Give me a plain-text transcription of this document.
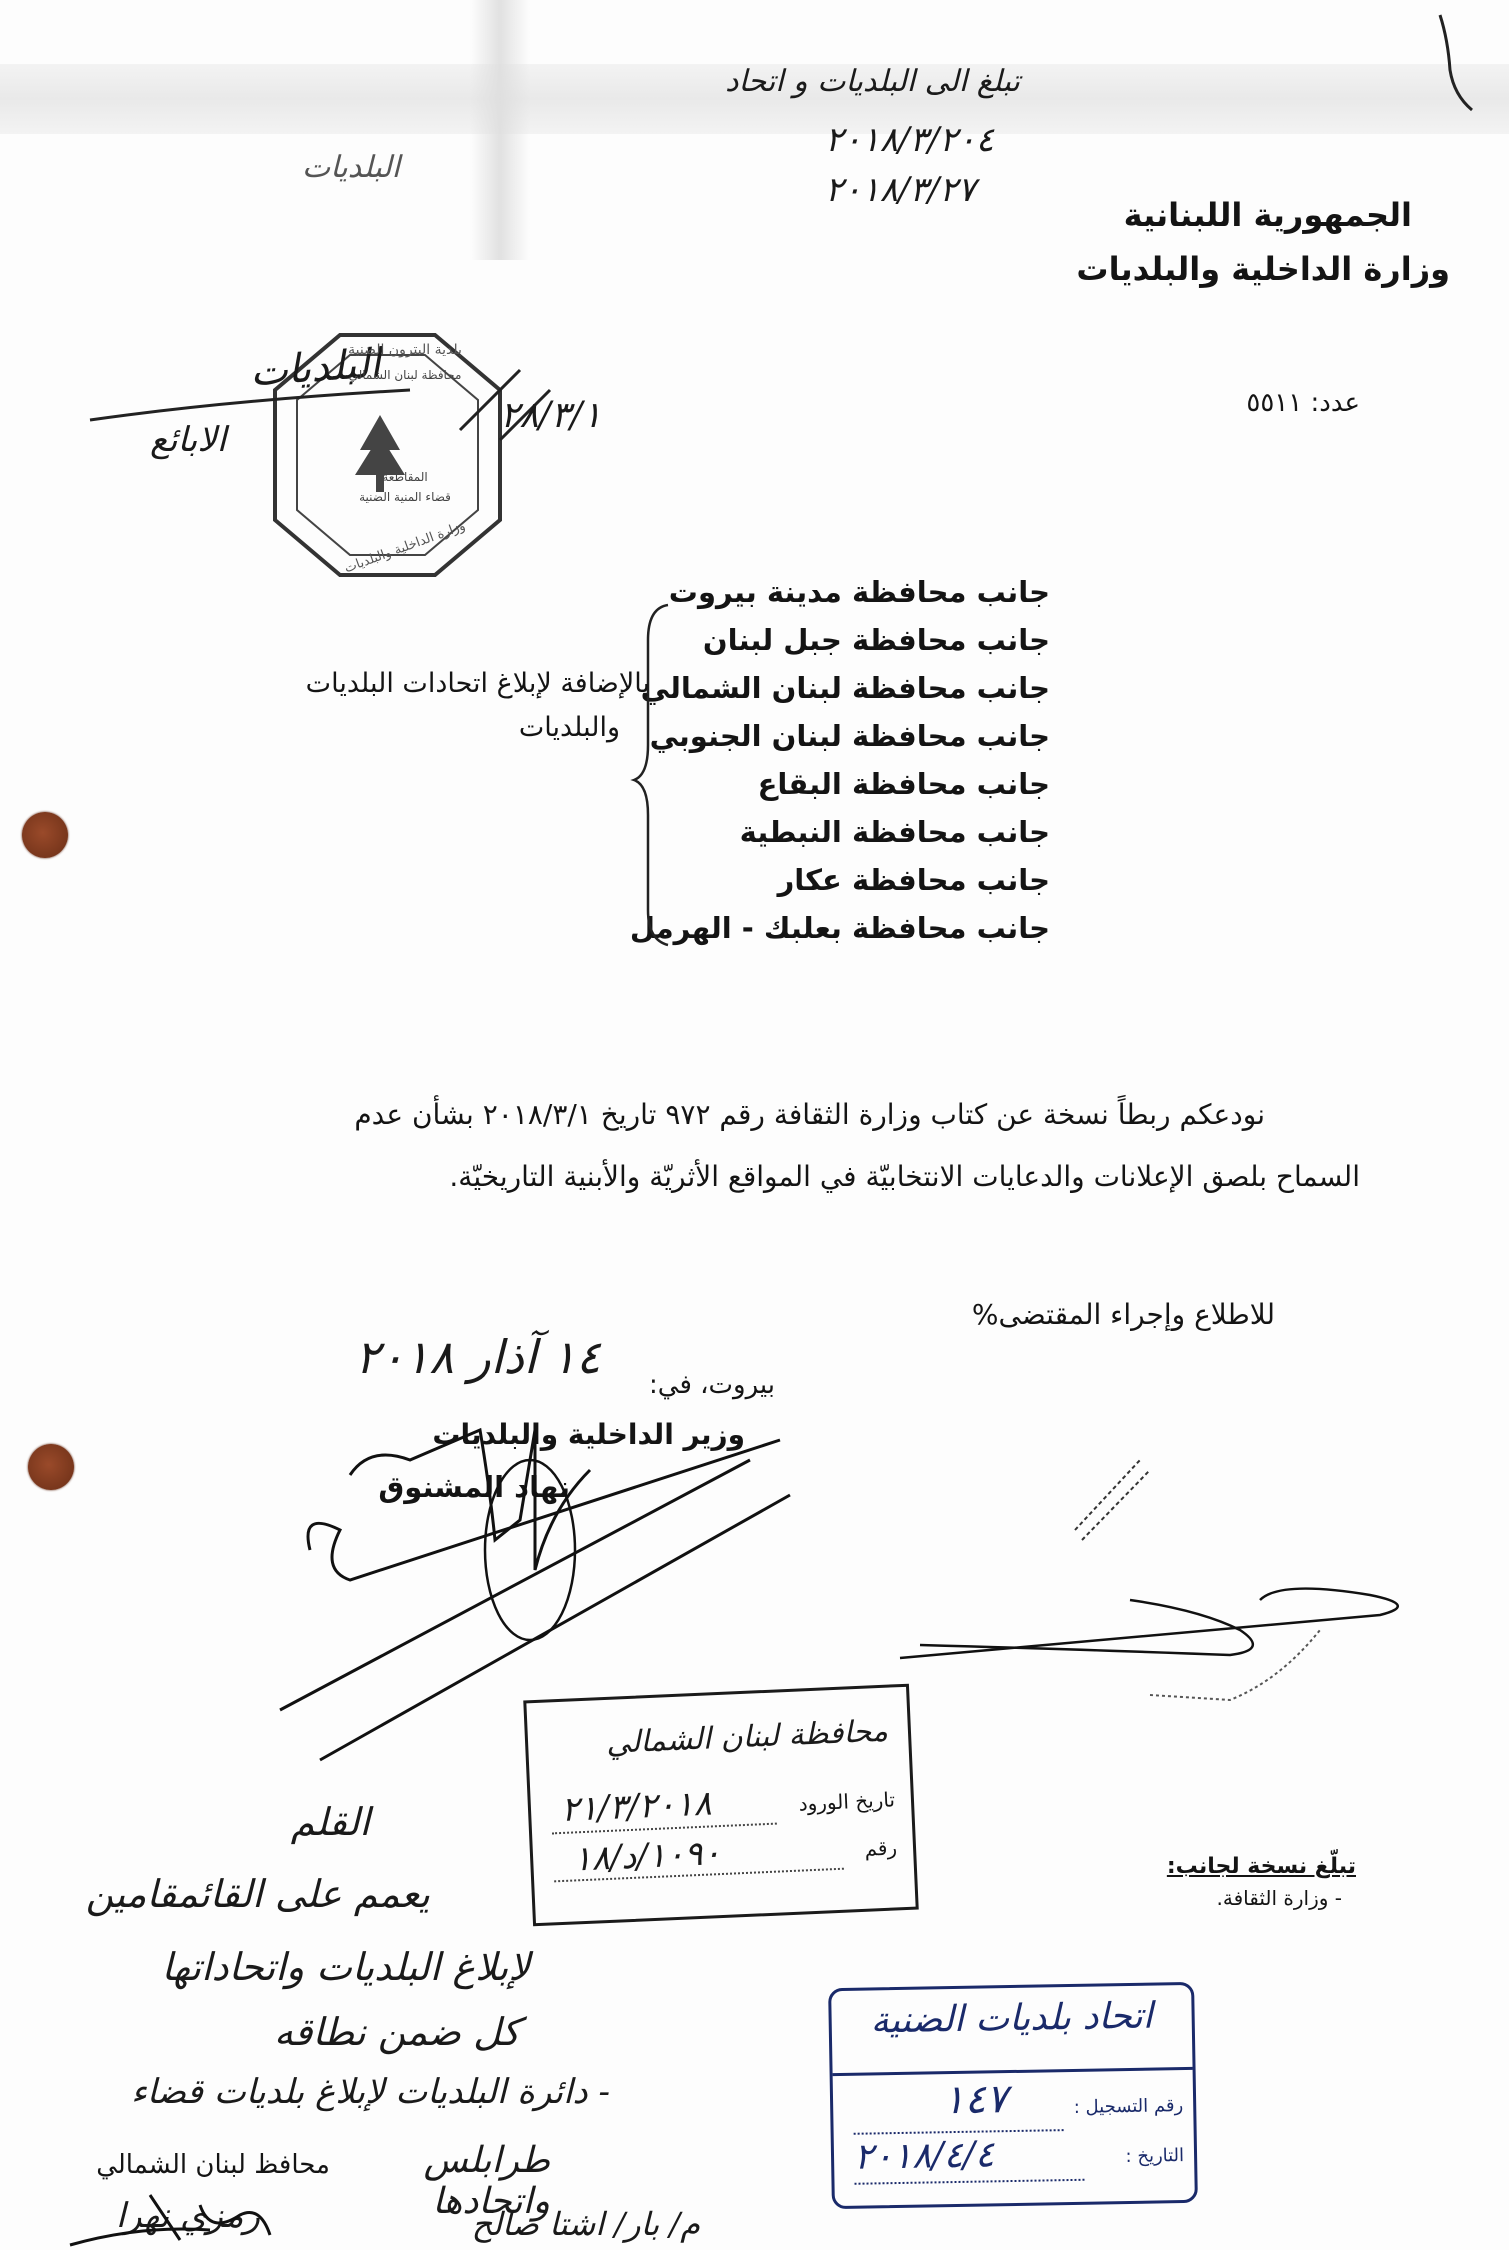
تبلغ الى البلديات و اتحاد
البلديات
٢٠١٨/٣/٢٠٤
٢٠١٨/٣/٢٧
الجمهورية اللبنانية
وزارة الداخلية والبلديات
عدد: ٥٥١١
البلديات
الابائع
٢٨/٣/١
بلدية البترون الضنية
محافظة لبنان الشمالي
المقاطعة
قضاء المنية الضنية
وزارة الداخلية والبلديات
جانب محافظة مدينة بيروت
جانب محافظة جبل لبنان
جانب محافظة لبنان الشمالي
جانب محافظة لبنان الجنوبي
جانب محافظة البقاع
جانب محافظة النبطية
جانب محافظة عكار
جانب محافظة بعلبك - الهرمل
بالإضافة لإبلاغ اتحادات البلديات
والبلديات
نودعكم ربطاً نسخة عن كتاب وزارة الثقافة رقم ٩٧٢ تاريخ ٢٠١٨/٣/١ بشأن عدم
السماح بلصق الإعلانات والدعايات الانتخابيّة في المواقع الأثريّة والأبنية التاريخيّة.
للاطلاع وإجراء المقتضى%
١٤ آذار ٢٠١٨
بيروت، في:
وزير الداخلية والبلديات
نهاد المشنوق
محافظة لبنان الشمالي
تاريخ الورود
٢١/٣/٢٠١٨
رقم
١٠٩٠/د/١٨	تبلّغ نسخة لجانب:
- وزارة الثقافة.
القلم
يعمم على القائمقامين
لإبلاغ البلديات واتحاداتها
كل ضمن نطاقه
- دائرة البلديات لإبلاغ بلديات قضاء
طرابلس واتحادها
محافظ لبنان الشمالي
رمزي نهرا	م/ بار/ اشتا صالح
اتحاد بلديات الضنية
رقم التسجيل :
١٤٧
التاريخ :
٢٠١٨/٤/٤
